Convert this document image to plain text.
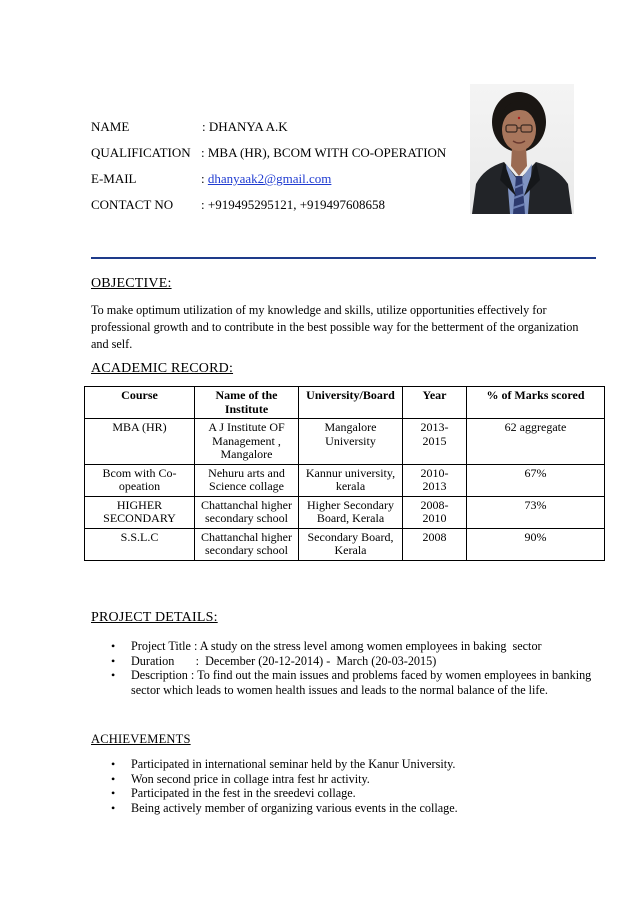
NAME	: DHANYA A.K
QUALIFICATION : MBA (HR), BCOM WITH CO-OPERATION
E-MAIL	: dhanyaak2@gmail.com
CONTACT NO : +919495295121, +919497608658
OBJECTIVE:
To make optimum utilization of my knowledge and skills, utilize opportunities effectively for professional growth and to contribute in the best possible way for the betterment of the organization and self.
ACADEMIC RECORD:
Course	Name of the Institute	University/Board	Year	% of Marks scored
MBA (HR)	A J Institute OF Management , Mangalore	Mangalore University	2013-2015	62 aggregate
Bcom with Co-opeation	Nehuru arts and Science collage	Kannur university, kerala	2010-2013	67%
HIGHER SECONDARY	Chattanchal higher secondary school	Higher Secondary Board, Kerala	2008-2010	73%
S.S.L.C	Chattanchal higher secondary school	Secondary Board, Kerala	2008	90%
PROJECT DETAILS:
• Project Title : A study on the stress level among women employees in baking  sector
• Duration       :  December (20-12-2014) -  March (20-03-2015)
• Description : To find out the main issues and problems faced by women employees in banking sector which leads to women health issues and leads to the normal balance of the life.
ACHIEVEMENTS
• Participated in international seminar held by the Kanur University.
• Won second price in collage intra fest hr activity.
• Participated in the fest in the sreedevi collage.
• Being actively member of organizing various events in the collage.
